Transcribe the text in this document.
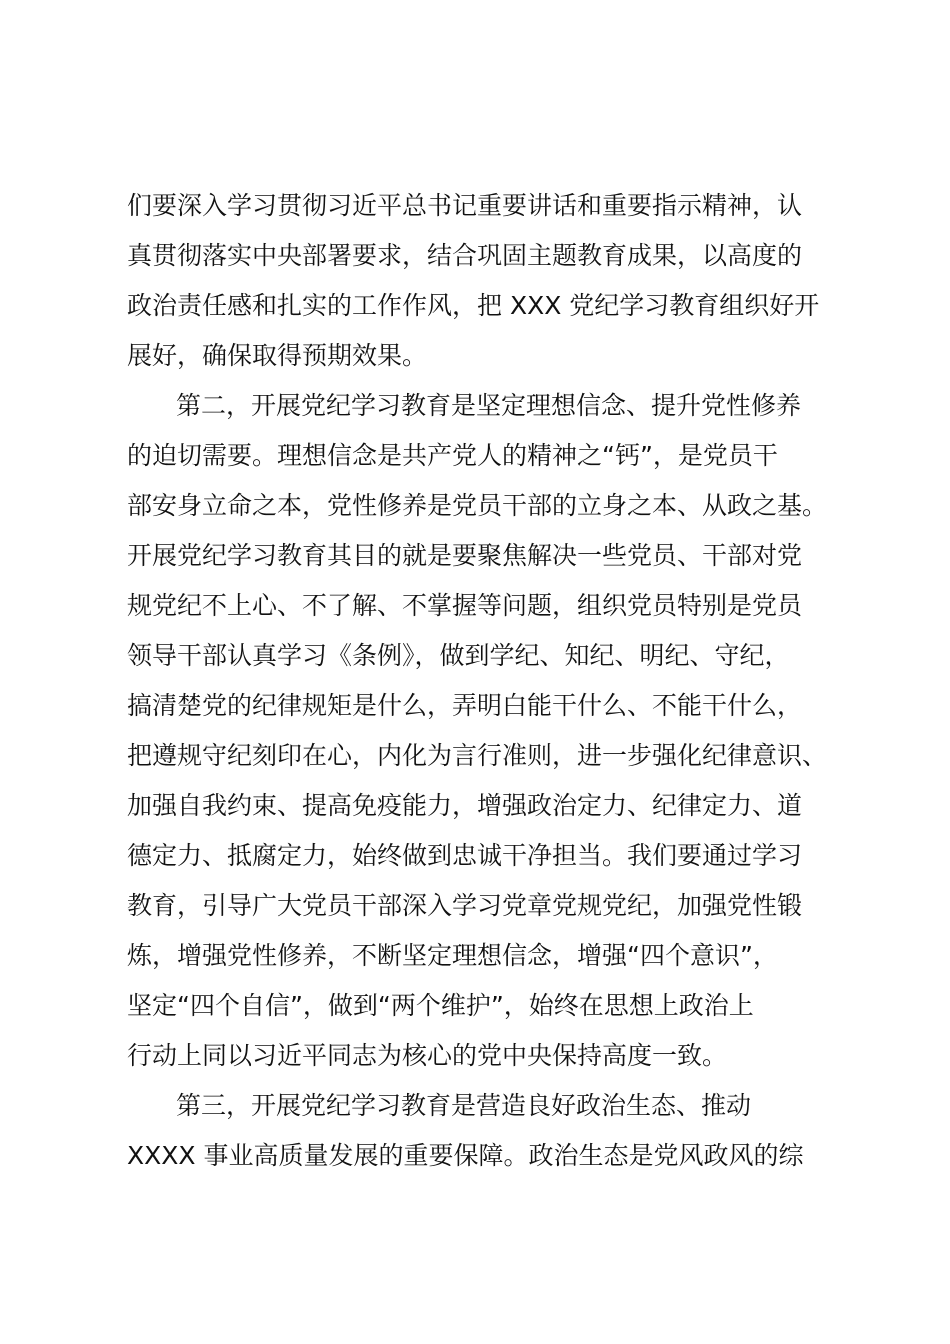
们要深入学习贯彻习近平总书记重要讲话和重要指示精神，认
真贯彻落实中央部署要求，结合巩固主题教育成果，以高度的
政治责任感和扎实的工作作风，把 XXX 党纪学习教育组织好开
展好，确保取得预期效果。
第二，开展党纪学习教育是坚定理想信念、提升党性修养
的迫切需要。理想信念是共产党人的精神之“钙”，是党员干
部安身立命之本，党性修养是党员干部的立身之本、从政之基。
开展党纪学习教育其目的就是要聚焦解决一些党员、干部对党
规党纪不上心、不了解、不掌握等问题，组织党员特别是党员
领导干部认真学习《条例》，做到学纪、知纪、明纪、守纪，
搞清楚党的纪律规矩是什么，弄明白能干什么、不能干什么，
把遵规守纪刻印在心，内化为言行准则，进一步强化纪律意识、
加强自我约束、提高免疫能力，增强政治定力、纪律定力、道
德定力、抵腐定力，始终做到忠诚干净担当。我们要通过学习
教育，引导广大党员干部深入学习党章党规党纪，加强党性锻
炼，增强党性修养，不断坚定理想信念，增强“四个意识”，
坚定“四个自信”，做到“两个维护”，始终在思想上政治上
行动上同以习近平同志为核心的党中央保持高度一致。
第三，开展党纪学习教育是营造良好政治生态、推动
XXXX 事业高质量发展的重要保障。政治生态是党风政风的综
